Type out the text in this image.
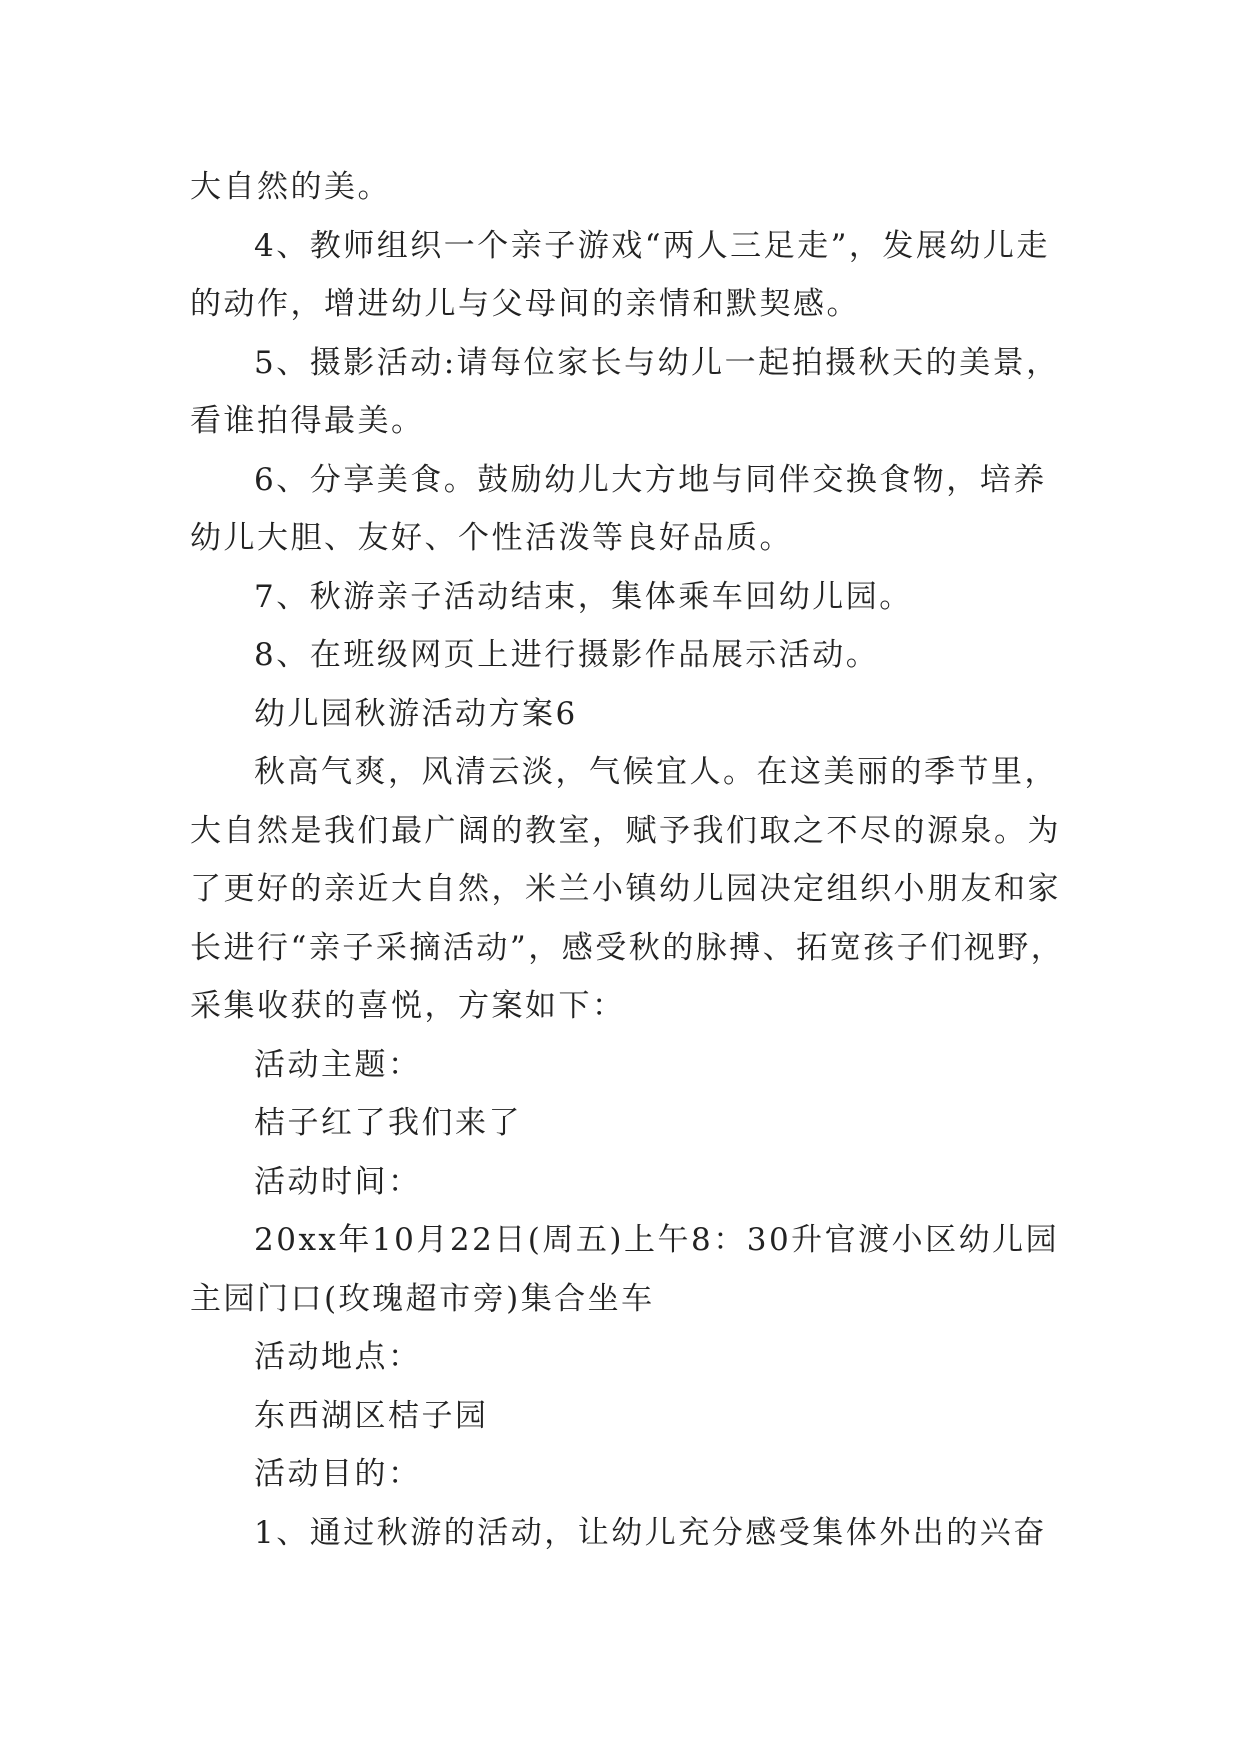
大自然的美。
4、教师组织一个亲子游戏“两人三足走”，发展幼儿走
的动作，增进幼儿与父母间的亲情和默契感。
5、摄影活动:请每位家长与幼儿一起拍摄秋天的美景，
看谁拍得最美。
6、分享美食。鼓励幼儿大方地与同伴交换食物，培养
幼儿大胆、友好、个性活泼等良好品质。
7、秋游亲子活动结束，集体乘车回幼儿园。
8、在班级网页上进行摄影作品展示活动。
幼儿园秋游活动方案6
秋高气爽，风清云淡，气候宜人。在这美丽的季节里，
大自然是我们最广阔的教室，赋予我们取之不尽的源泉。为
了更好的亲近大自然，米兰小镇幼儿园决定组织小朋友和家
长进行“亲子采摘活动”，感受秋的脉搏、拓宽孩子们视野，
采集收获的喜悦，方案如下：
活动主题：
桔子红了我们来了
活动时间：
20xx年10月22日(周五)上午8：30升官渡小区幼儿园
主园门口(玫瑰超市旁)集合坐车
活动地点：
东西湖区桔子园
活动目的：
1、通过秋游的活动，让幼儿充分感受集体外出的兴奋
